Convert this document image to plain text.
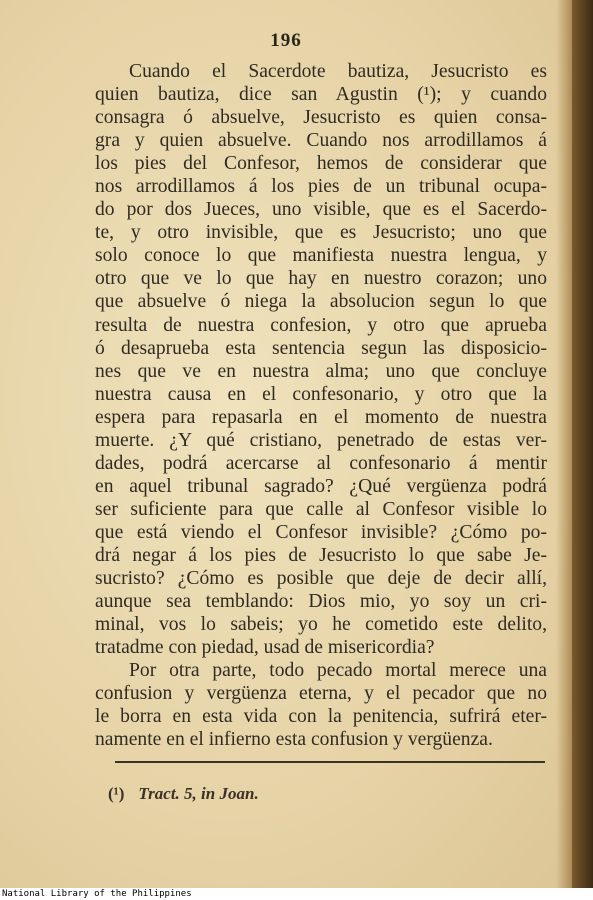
196
Cuando el Sacerdote bautiza, Jesucristo es
quien bautiza, dice san Agustin (¹); y cuando
consagra ó absuelve, Jesucristo es quien consa-
gra y quien absuelve. Cuando nos arrodillamos á
los pies del Confesor, hemos de considerar que
nos arrodillamos á los pies de un tribunal ocupa-
do por dos Jueces, uno visible, que es el Sacerdo-
te, y otro invisible, que es Jesucristo; uno que
solo conoce lo que manifiesta nuestra lengua, y
otro que ve lo que hay en nuestro corazon; uno
que absuelve ó niega la absolucion segun lo que
resulta de nuestra confesion, y otro que aprueba
ó desaprueba esta sentencia segun las disposicio-
nes que ve en nuestra alma; uno que concluye
nuestra causa en el confesonario, y otro que la
espera para repasarla en el momento de nuestra
muerte. ¿Y qué cristiano, penetrado de estas ver-
dades, podrá acercarse al confesonario á mentir
en aquel tribunal sagrado? ¿Qué vergüenza podrá
ser suficiente para que calle al Confesor visible lo
que está viendo el Confesor invisible? ¿Cómo po-
drá negar á los pies de Jesucristo lo que sabe Je-
sucristo? ¿Cómo es posible que deje de decir allí,
aunque sea temblando: Dios mio, yo soy un cri-
minal, vos lo sabeis; yo he cometido este delito,
tratadme con piedad, usad de misericordia?
Por otra parte, todo pecado mortal merece una
confusion y vergüenza eterna, y el pecador que no
le borra en esta vida con la penitencia, sufrirá eter-
namente en el infierno esta confusion y vergüenza.
(¹) Tract. 5, in Joan.
National Library of the Philippines
